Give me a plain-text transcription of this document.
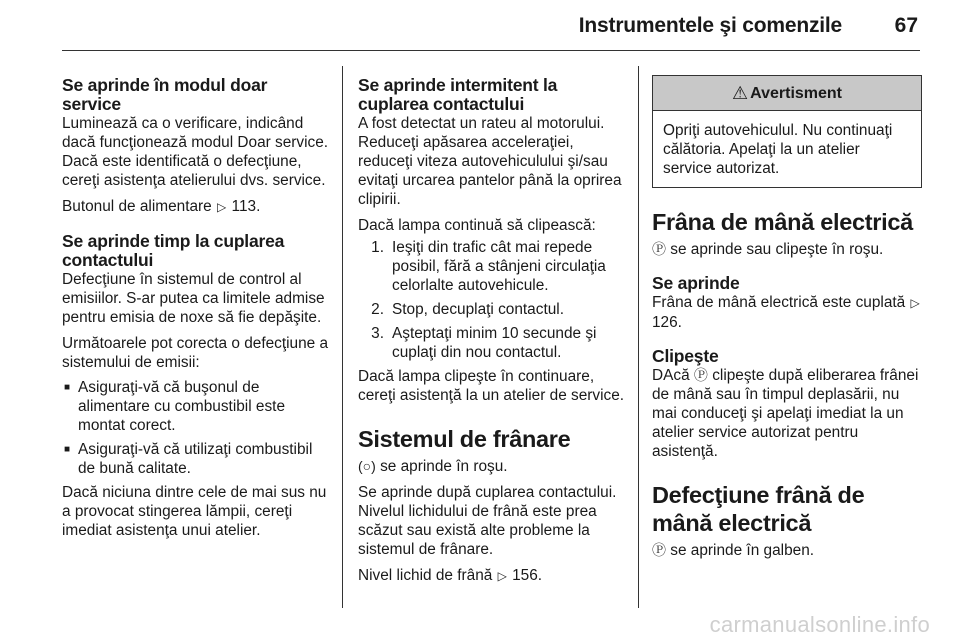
Instrumentele şi comenzile	67
Se aprinde în modul doar service

Luminează ca o verificare, indicând dacă funcţionează modul Doar service. Dacă este identificată o defecţiune, cereţi asistenţa atelierului dvs. service.

Butonul de alimentare ▷ 113.

Se aprinde timp la cuplarea contactului

Defecţiune în sistemul de control al emisiilor. S-ar putea ca limitele admise pentru emisia de noxe să fie depăşite.

Următoarele pot corecta o defecţiune a sistemului de emisii:

■ Asiguraţi-vă că buşonul de alimentare cu combustibil este montat corect.
■ Asiguraţi-vă că utilizaţi combustibil de bună calitate.

Dacă niciuna dintre cele de mai sus nu a provocat stingerea lămpii, cereţi imediat asistenţa unui atelier.

Se aprinde intermitent la cuplarea contactului

A fost detectat un rateu al motorului. Reduceţi apăsarea acceleraţiei, reduceţi viteza autovehiculului şi/sau evitaţi urcarea pantelor până la oprirea clipirii.

Dacă lampa continuă să clipească:

1. Ieşiţi din trafic cât mai repede posibil, fără a stânjeni circulaţia celorlalte autovehicule.
2. Stop, decuplaţi contactul.
3. Aşteptaţi minim 10 secunde şi cuplaţi din nou contactul.

Dacă lampa clipeşte în continuare, cereţi asistenţă la un atelier de service.

Sistemul de frânare

(○) se aprinde în roşu.

Se aprinde după cuplarea contactului. Nivelul lichidului de frână este prea scăzut sau există alte probleme la sistemul de frânare.

Nivel lichid de frână ▷ 156.

⚠ Avertisment
Opriţi autovehiculul. Nu continuaţi călătoria. Apelaţi la un atelier service autorizat.
Frâna de mână electrică

Ⓟ se aprinde sau clipeşte în roşu.

Se aprinde

Frâna de mână electrică este cuplată ▷ 126.

Clipeşte

DAcă Ⓟ clipeşte după eliberarea frânei de mână sau în timpul deplasării, nu mai conduceţi şi apelaţi imediat la un atelier service autorizat pentru asistenţă.

Defecţiune frână de mână electrică

Ⓟ se aprinde în galben.

carmanualsonline.info
